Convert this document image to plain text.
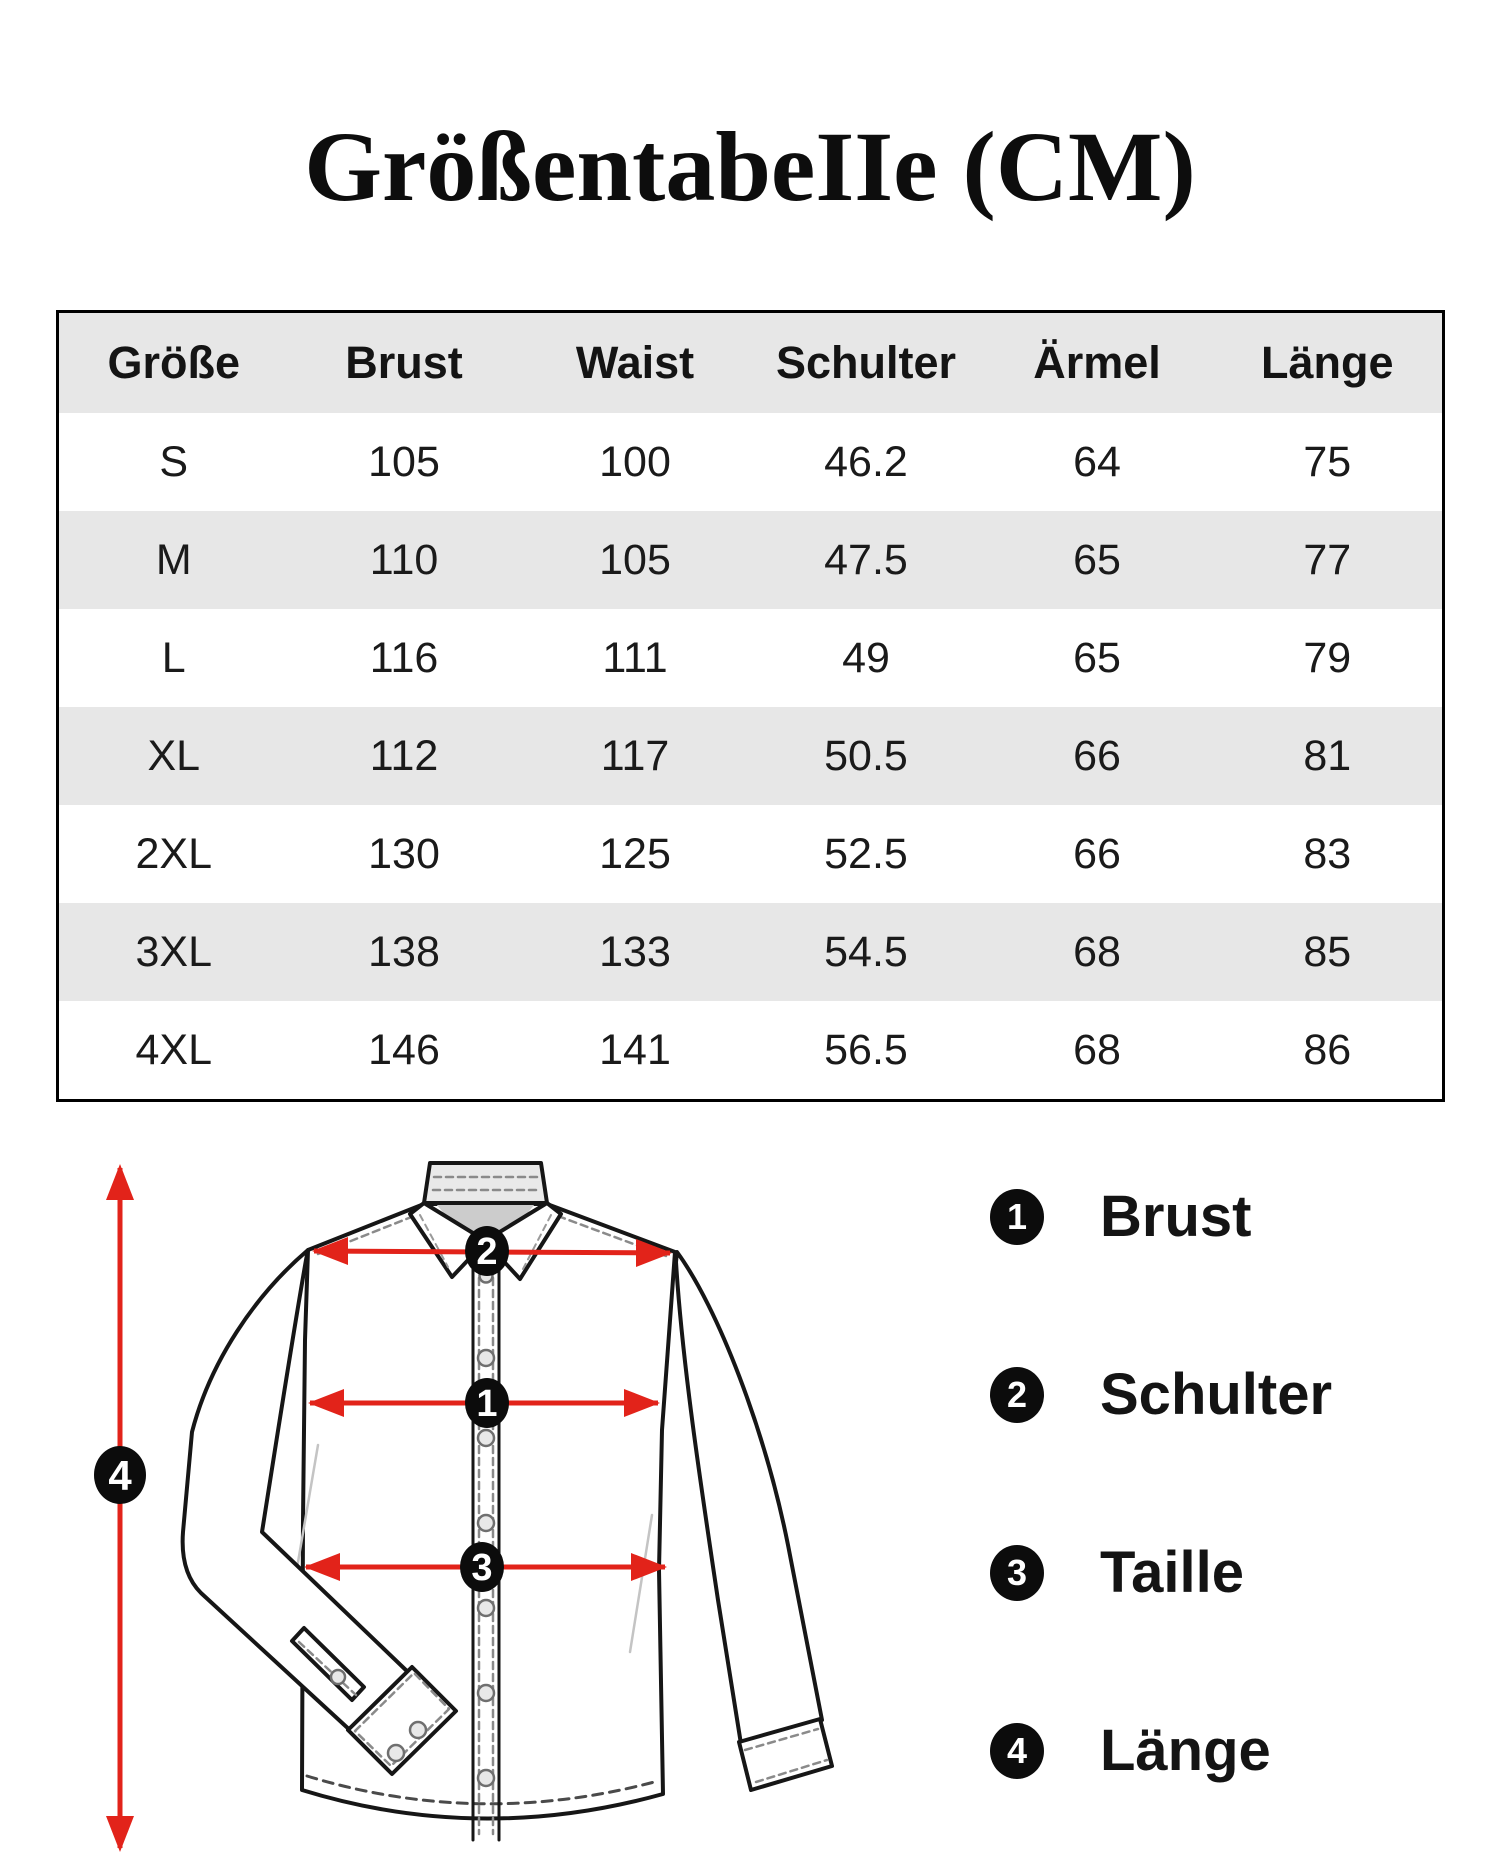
GrößentabeIIe (CM)
Größe	Brust	Waist	Schulter	Ärmel	Länge
S	105	100	46.2	64	75
M	110	105	47.5	65	77
L	116	111	49	65	79
XL	112	117	50.5	66	81
2XL	130	125	52.5	66	83
3XL	138	133	54.5	68	85
4XL	146	141	56.5	68	86
2
1
3
4
1 Brust
2 Schulter
3 Taille
4 Länge
